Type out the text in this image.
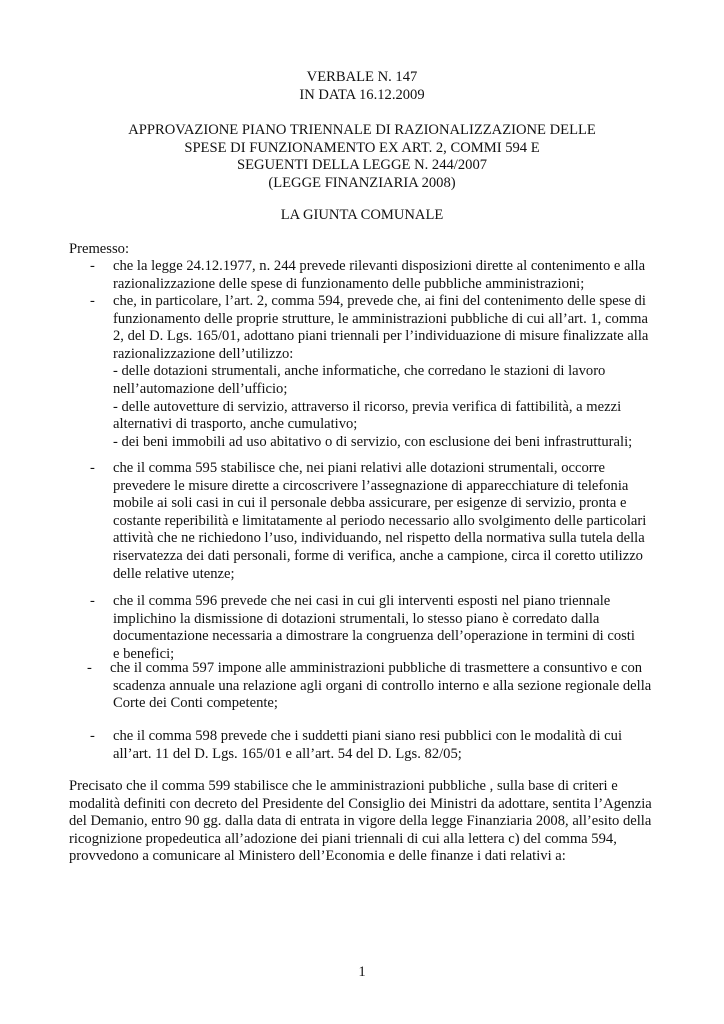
VERBALE N. 147
IN DATA 16.12.2009
APPROVAZIONE PIANO TRIENNALE DI RAZIONALIZZAZIONE DELLE
SPESE DI FUNZIONAMENTO EX ART. 2, COMMI 594 E
SEGUENTI DELLA LEGGE N. 244/2007
(LEGGE FINANZIARIA 2008)
LA GIUNTA COMUNALE
Premesso:
- che la legge 24.12.1977, n. 244 prevede rilevanti disposizioni dirette al contenimento e alla
razionalizzazione delle spese di funzionamento delle pubbliche amministrazioni;
- che, in particolare, l’art. 2, comma 594, prevede che, ai fini del contenimento delle spese di
funzionamento delle proprie strutture, le amministrazioni pubbliche di cui all’art. 1, comma
2, del D. Lgs. 165/01, adottano piani triennali per l’individuazione di misure finalizzate alla
razionalizzazione dell’utilizzo:
- delle dotazioni strumentali, anche informatiche, che corredano le stazioni di lavoro
nell’automazione dell’ufficio;
- delle autovetture di servizio, attraverso il ricorso, previa verifica di fattibilità, a mezzi
alternativi di trasporto, anche cumulativo;
- dei beni immobili ad uso abitativo o di servizio, con esclusione dei beni infrastrutturali;
- che il comma 595 stabilisce che, nei piani relativi alle dotazioni strumentali, occorre
prevedere le misure dirette a circoscrivere l’assegnazione di apparecchiature di telefonia
mobile ai soli casi in cui il personale debba assicurare, per esigenze di servizio, pronta e
costante reperibilità e limitatamente al periodo necessario allo svolgimento delle particolari
attività che ne richiedono l’uso, individuando, nel rispetto della normativa sulla tutela della
riservatezza dei dati personali, forme di verifica, anche a campione, circa il coretto utilizzo
delle relative utenze;
- che il comma 596 prevede che nei casi in cui gli interventi esposti nel piano triennale
implichino la dismissione di dotazioni strumentali, lo stesso piano è corredato dalla
documentazione necessaria a dimostrare la congruenza dell’operazione in termini di costi
e benefici;
- che il comma 597 impone alle amministrazioni pubbliche di trasmettere a consuntivo e con
scadenza annuale una relazione agli organi di controllo interno e alla sezione regionale della
Corte dei Conti competente;
- che il comma 598 prevede che i suddetti piani siano resi pubblici con le modalità di cui
all’art. 11 del D. Lgs. 165/01 e all’art. 54 del D. Lgs. 82/05;
Precisato che il comma 599 stabilisce che le amministrazioni pubbliche , sulla base di criteri e
modalità definiti con decreto del Presidente del Consiglio dei Ministri da adottare, sentita l’Agenzia
del Demanio, entro 90 gg. dalla data di entrata in vigore della legge Finanziaria 2008, all’esito della
ricognizione propedeutica all’adozione dei piani triennali di cui alla lettera c) del comma 594,
provvedono a comunicare al Ministero dell’Economia e delle finanze i dati relativi a:
1
